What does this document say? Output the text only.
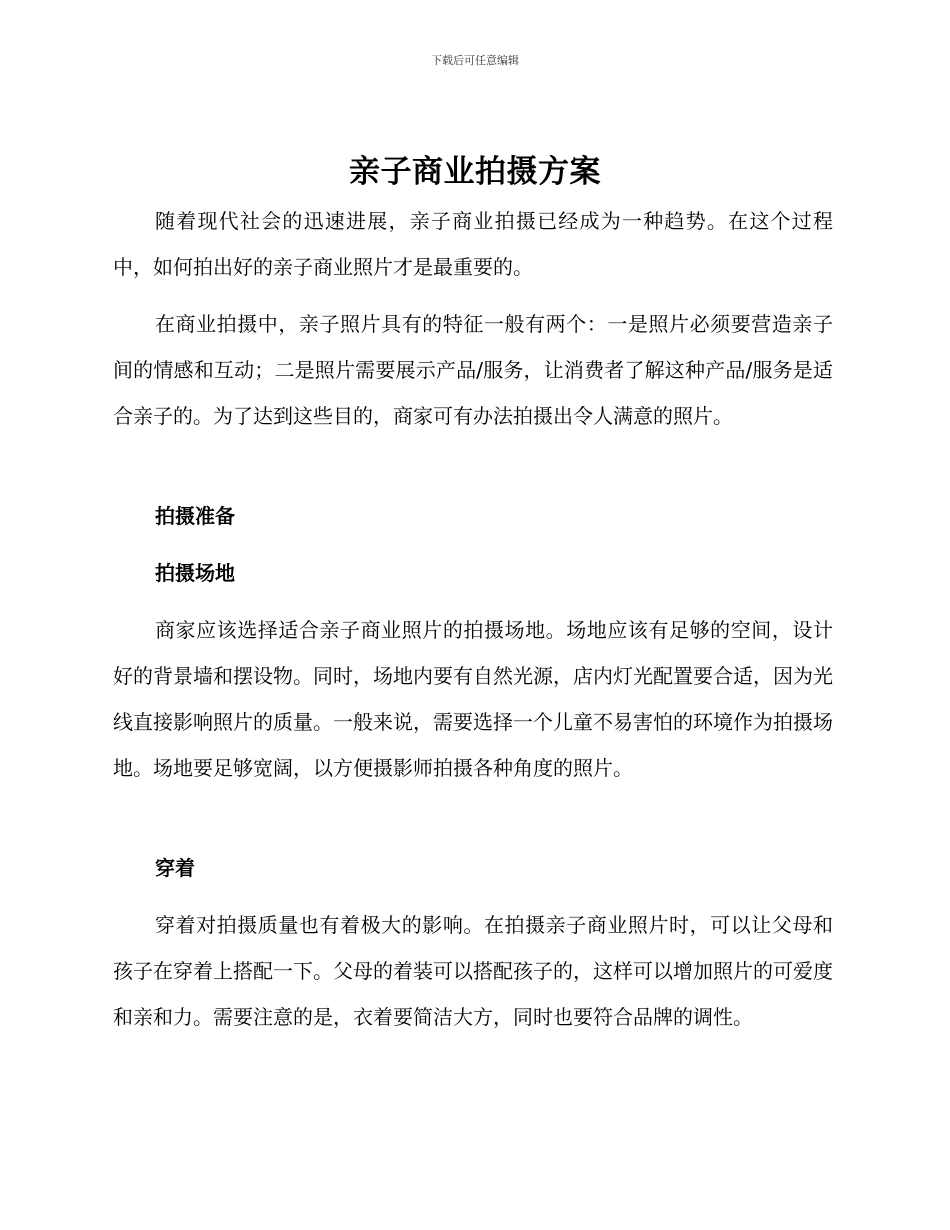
下载后可任意编辑
亲子商业拍摄方案

随着现代社会的迅速进展，亲子商业拍摄已经成为一种趋势。在这个过程中，如何拍出好的亲子商业照片才是最重要的。

在商业拍摄中，亲子照片具有的特征一般有两个：一是照片必须要营造亲子间的情感和互动；二是照片需要展示产品/服务，让消费者了解这种产品/服务是适合亲子的。为了达到这些目的，商家可有办法拍摄出令人满意的照片。

拍摄准备

拍摄场地

商家应该选择适合亲子商业照片的拍摄场地。场地应该有足够的空间，设计好的背景墙和摆设物。同时，场地内要有自然光源，店内灯光配置要合适，因为光线直接影响照片的质量。一般来说，需要选择一个儿童不易害怕的环境作为拍摄场地。场地要足够宽阔，以方便摄影师拍摄各种角度的照片。

穿着

穿着对拍摄质量也有着极大的影响。在拍摄亲子商业照片时，可以让父母和孩子在穿着上搭配一下。父母的着装可以搭配孩子的，这样可以增加照片的可爱度和亲和力。需要注意的是，衣着要简洁大方，同时也要符合品牌的调性。
